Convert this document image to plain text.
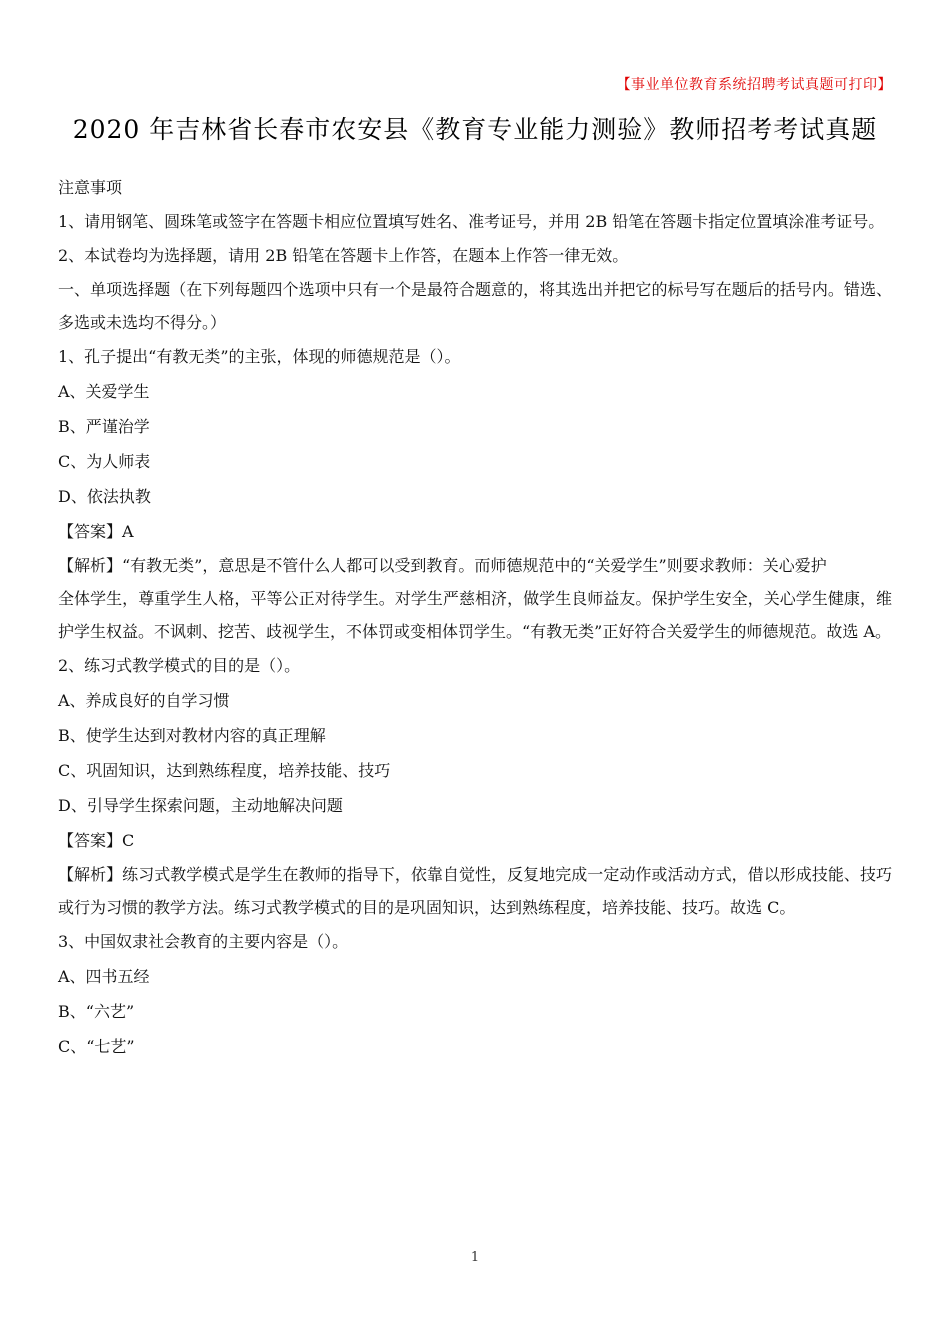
【事业单位教育系统招聘考试真题可打印】
2020 年吉林省长春市农安县《教育专业能力测验》教师招考考试真题

注意事项

1、请用钢笔、圆珠笔或签字在答题卡相应位置填写姓名、准考证号，并用 2B 铅笔在答题卡指定位置填涂准考证号。

2、本试卷均为选择题，请用 2B 铅笔在答题卡上作答，在题本上作答一律无效。

一、单项选择题（在下列每题四个选项中只有一个是最符合题意的，将其选出并把它的标号写在题后的括号内。错选、多选或未选均不得分。）

1、孔子提出“有教无类”的主张，体现的师德规范是（）。

A、关爱学生

B、严谨治学

C、为人师表

D、依法执教

【答案】A

【解析】“有教无类”，意思是不管什么人都可以受到教育。而师德规范中的“关爱学生”则要求教师：关心爱护

全体学生，尊重学生人格，平等公正对待学生。对学生严慈相济，做学生良师益友。保护学生安全，关心学生健康，维护学生权益。不讽刺、挖苦、歧视学生，不体罚或变相体罚学生。“有教无类”正好符合关爱学生的师德规范。故选 A。

2、练习式教学模式的目的是（）。

A、养成良好的自学习惯

B、使学生达到对教材内容的真正理解

C、巩固知识，达到熟练程度，培养技能、技巧

D、引导学生探索问题，主动地解决问题

【答案】C

【解析】练习式教学模式是学生在教师的指导下，依靠自觉性，反复地完成一定动作或活动方式，借以形成技能、技巧或行为习惯的教学方法。练习式教学模式的目的是巩固知识，达到熟练程度，培养技能、技巧。故选 C。

3、中国奴隶社会教育的主要内容是（）。

A、四书五经

B、“六艺”

C、“七艺”

1
